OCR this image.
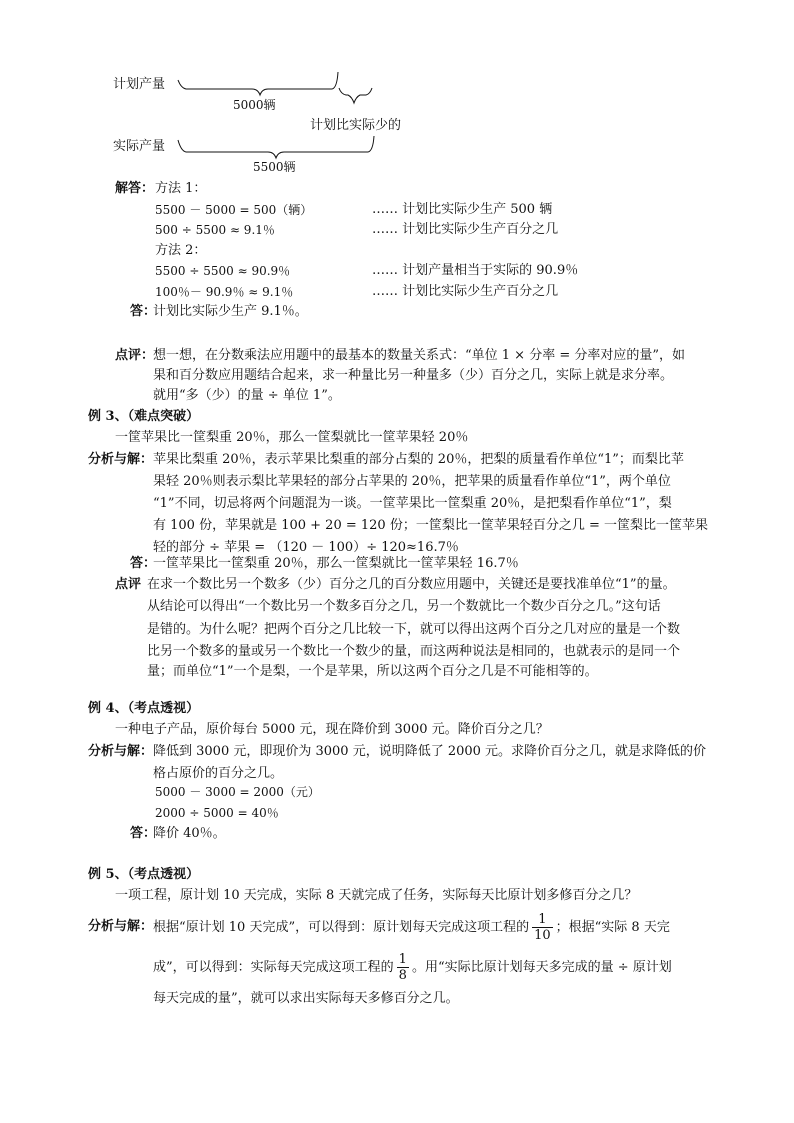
计划产量
5000辆
计划比实际少的
实际产量
5500辆
解答： 方法 1：
5500 － 5000 = 500（辆）	…… 计划比实际少生产 500 辆
500 ÷ 5500 ≈ 9.1％	…… 计划比实际少生产百分之几
方法 2：
5500 ÷ 5500 ≈ 90.9％	…… 计划产量相当于实际的 90.9％
100％－ 90.9％ ≈ 9.1％	…… 计划比实际少生产百分之几
答：
计划比实际少生产 9.1％。
点评：
想一想，在分数乘法应用题中的最基本的数量关系式：“单位 1 × 分率 = 分率对应的量”，如
果和百分数应用题结合起来，求一种量比另一种量多（少）百分之几，实际上就是求分率。
就用“多（少）的量 ÷ 单位 1”。
例 3、（难点突破）
一筐苹果比一筐梨重 20％，那么一筐梨就比一筐苹果轻 20％
分析与解： 苹果比梨重 20％，表示苹果比梨重的部分占梨的 20％，把梨的质量看作单位“1”；而梨比苹
果轻 20％则表示梨比苹果轻的部分占苹果的 20％，把苹果的质量看作单位“1”，两个单位
“1”不同，切忌将两个问题混为一谈。一筐苹果比一筐梨重 20％，是把梨看作单位“1”，梨
有 100 份，苹果就是 100 + 20 = 120 份；一筐梨比一筐苹果轻百分之几 = 一筐梨比一筐苹果
轻的部分 ÷ 苹果 = （120 － 100）÷ 120≈16.7％
答：
一筐苹果比一筐梨重 20％，那么一筐梨就比一筐苹果轻 16.7％
点评 在求一个数比另一个数多（少）百分之几的百分数应用题中，关键还是要找准单位“1”的量。
从结论可以得出“一个数比另一个数多百分之几，另一个数就比一个数少百分之几。”这句话
是错的。为什么呢？把两个百分之几比较一下，就可以得出这两个百分之几对应的量是一个数
比另一个数多的量或另一个数比一个数少的量，而这两种说法是相同的，也就表示的是同一个
量；而单位“1”一个是梨，一个是苹果，所以这两个百分之几是不可能相等的。
例 4、（考点透视）
一种电子产品，原价每台 5000 元，现在降价到 3000 元。降价百分之几？
分析与解： 降低到 3000 元，即现价为 3000 元，说明降低了 2000 元。求降价百分之几，就是求降低的价
格占原价的百分之几。
5000 － 3000 = 2000（元）
2000 ÷ 5000 = 40％
答：
降价 40％。
例 5、（考点透视）
一项工程，原计划 10 天完成，实际 8 天就完成了任务，实际每天比原计划多修百分之几？
分析与解： 根据“原计划 10 天完成”，可以得到：原计划每天完成这项工程的 $\frac{1}{10}$ ；根据“实际 8 天完
成”，可以得到：实际每天完成这项工程的 $\frac{1}{8}$ 。用“实际比原计划每天多完成的量 ÷ 原计划
每天完成的量”，就可以求出实际每天多修百分之几。
